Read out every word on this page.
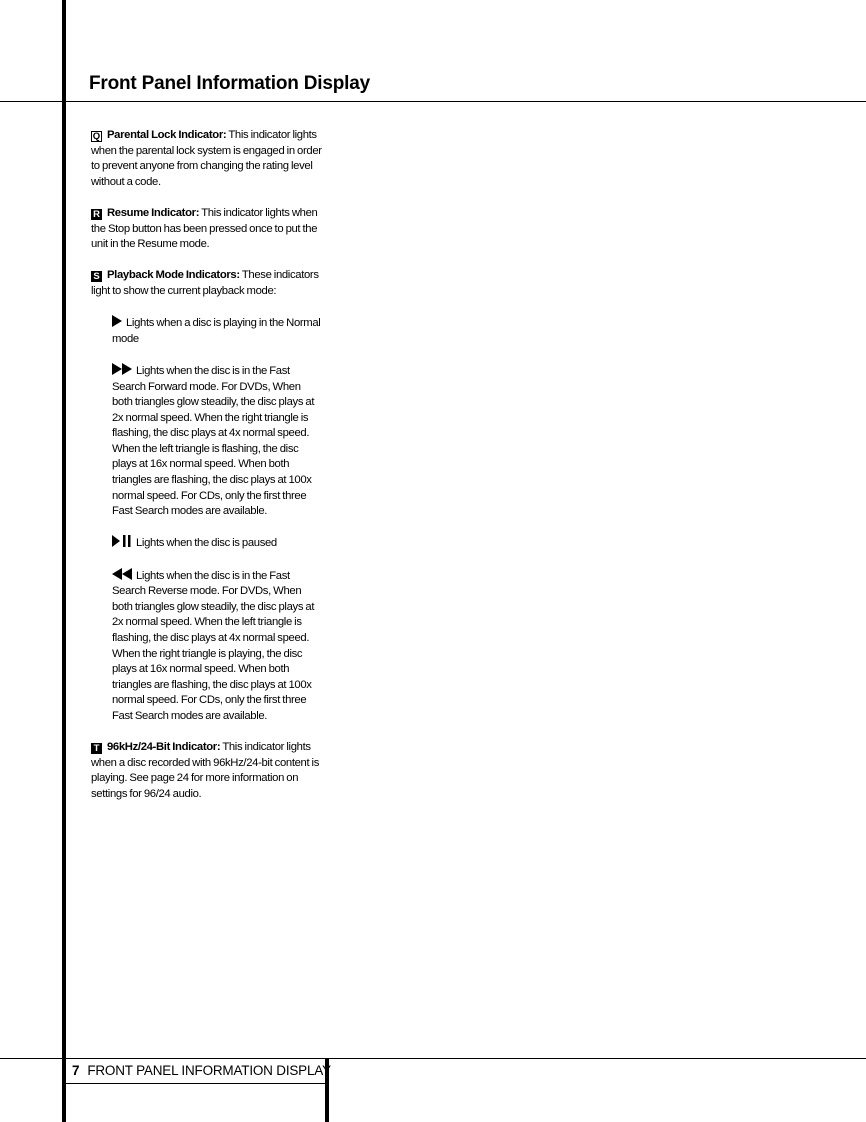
Front Panel Information Display

Q Parental Lock Indicator: This indicator lights when the parental lock system is engaged in order to prevent anyone from changing the rating level without a code.

R Resume Indicator: This indicator lights when the Stop button has been pressed once to put the unit in the Resume mode.

S Playback Mode Indicators: These indicators light to show the current playback mode:

Lights when a disc is playing in the Normal mode

Lights when the disc is in the Fast Search Forward mode. For DVDs, When both triangles glow steadily, the disc plays at 2x normal speed. When the right triangle is flashing, the disc plays at 4x normal speed. When the left triangle is flashing, the disc plays at 16x normal speed. When both triangles are flashing, the disc plays at 100x normal speed. For CDs, only the first three Fast Search modes are available.

Lights when the disc is paused

Lights when the disc is in the Fast Search Reverse mode. For DVDs, When both triangles glow steadily, the disc plays at 2x normal speed. When the left triangle is flashing, the disc plays at 4x normal speed. When the right triangle is playing, the disc plays at 16x normal speed. When both triangles are flashing, the disc plays at 100x normal speed. For CDs, only the first three Fast Search modes are available.

T 96kHz/24-Bit Indicator: This indicator lights when a disc recorded with 96kHz/24-bit content is playing. See page 24 for more information on settings for 96/24 audio.

7 FRONT PANEL INFORMATION DISPLAY
